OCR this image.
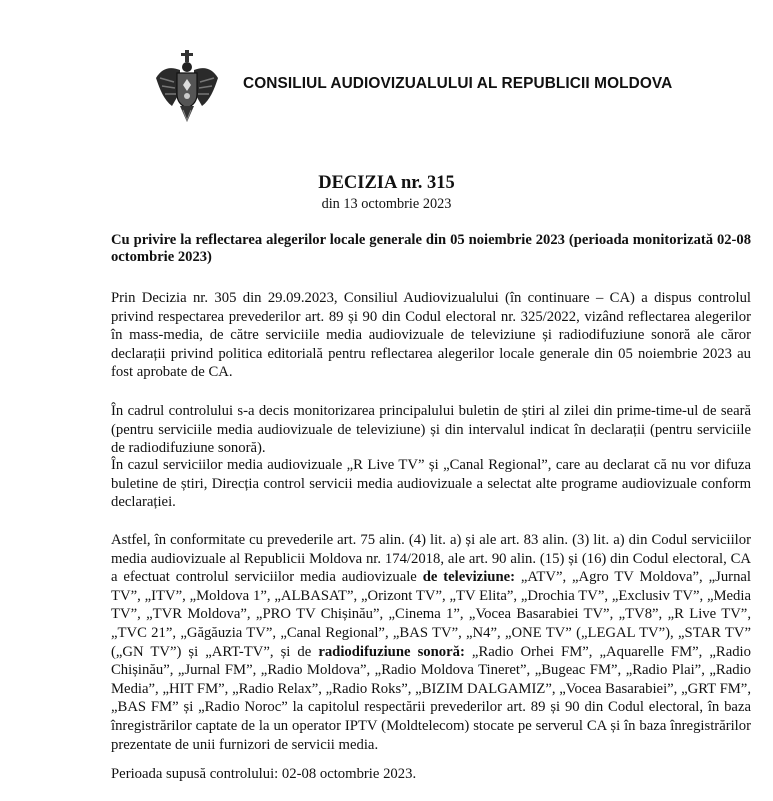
CONSILIUL AUDIOVIZUALULUI AL REPUBLICII MOLDOVA
DECIZIA nr. 315
din 13 octombrie 2023
Cu privire la reflectarea alegerilor locale generale din 05 noiembrie 2023 (perioada monitorizată 02-08 octombrie 2023)

Prin Decizia nr. 305 din 29.09.2023, Consiliul Audiovizualului (în continuare – CA) a dispus controlul privind respectarea prevederilor art. 89 și 90 din Codul electoral nr. 325/2022, vizând reflectarea alegerilor în mass-media, de către serviciile media audiovizuale de televiziune și radiodifuziune sonoră ale căror declarații privind politica editorială pentru reflectarea alegerilor locale generale din 05 noiembrie 2023 au fost aprobate de CA.

În cadrul controlului s-a decis monitorizarea principalului buletin de știri al zilei din prime-time-ul de seară (pentru serviciile media audiovizuale de televiziune) și din intervalul indicat în declarații (pentru serviciile de radiodifuziune sonoră).

În cazul serviciilor media audiovizuale „R Live TV” și „Canal Regional”, care au declarat că nu vor difuza buletine de știri, Direcția control servicii media audiovizuale a selectat alte programe audiovizuale conform declarației.

Astfel, în conformitate cu prevederile art. 75 alin. (4) lit. a) și ale art. 83 alin. (3) lit. a) din Codul serviciilor media audiovizuale al Republicii Moldova nr. 174/2018, ale art. 90 alin. (15) și (16) din Codul electoral, CA a efectuat controlul serviciilor media audiovizuale de televiziune: „ATV”, „Agro TV Moldova”, „Jurnal TV”, „ITV”, „Moldova 1”, „ALBASAT”, „Orizont TV”, „TV Elita”, „Drochia TV”, „Exclusiv TV”, „Media TV”, „TVR Moldova”, „PRO TV Chișinău”, „Cinema 1”, „Vocea Basarabiei TV”, „TV8”, „R Live TV”, „TVC 21”, „Găgăuzia TV”, „Canal Regional”, „BAS TV”, „N4”, „ONE TV” („LEGAL TV”), „STAR TV” („GN TV”) și „ART-TV”, și de radiodifuziune sonoră: „Radio Orhei FM”, „Aquarelle FM”, „Radio Chișinău”, „Jurnal FM”, „Radio Moldova”, „Radio Moldova Tineret”, „Bugeac FM”, „Radio Plai”, „Radio Media”, „HIT FM”, „Radio Relax”, „Radio Roks”, „BIZIM DALGAMIZ”, „Vocea Basarabiei”, „GRT FM”, „BAS FM” și „Radio Noroc” la capitolul respectării prevederilor art. 89 și 90 din Codul electoral, în baza înregistrărilor captate de la un operator IPTV (Moldtelecom) stocate pe serverul CA și în baza înregistrărilor prezentate de unii furnizori de servicii media.

Perioada supusă controlului: 02-08 octombrie 2023.
